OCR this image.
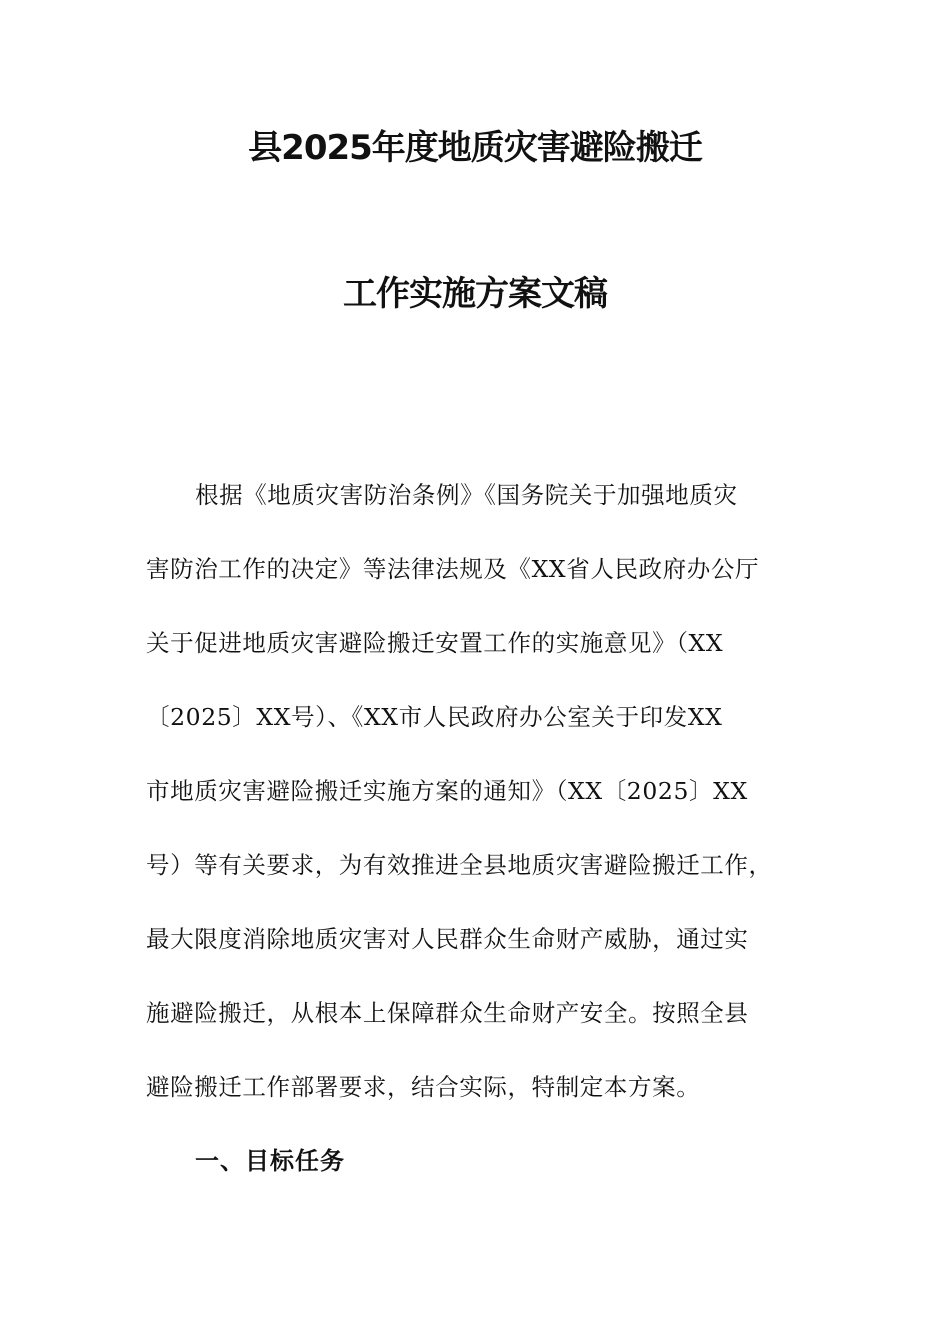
县2025年度地质灾害避险搬迁
工作实施方案文稿
根据《地质灾害防治条例》《国务院关于加强地质灾
害防治工作的决定》等法律法规及《XX省人民政府办公厅
关于促进地质灾害避险搬迁安置工作的实施意见》（XX
〔2025〕XX号）、《XX市人民政府办公室关于印发XX
市地质灾害避险搬迁实施方案的通知》（XX〔2025〕XX
号）等有关要求，为有效推进全县地质灾害避险搬迁工作，
最大限度消除地质灾害对人民群众生命财产威胁，通过实
施避险搬迁，从根本上保障群众生命财产安全。按照全县
避险搬迁工作部署要求，结合实际，特制定本方案。
一、目标任务
